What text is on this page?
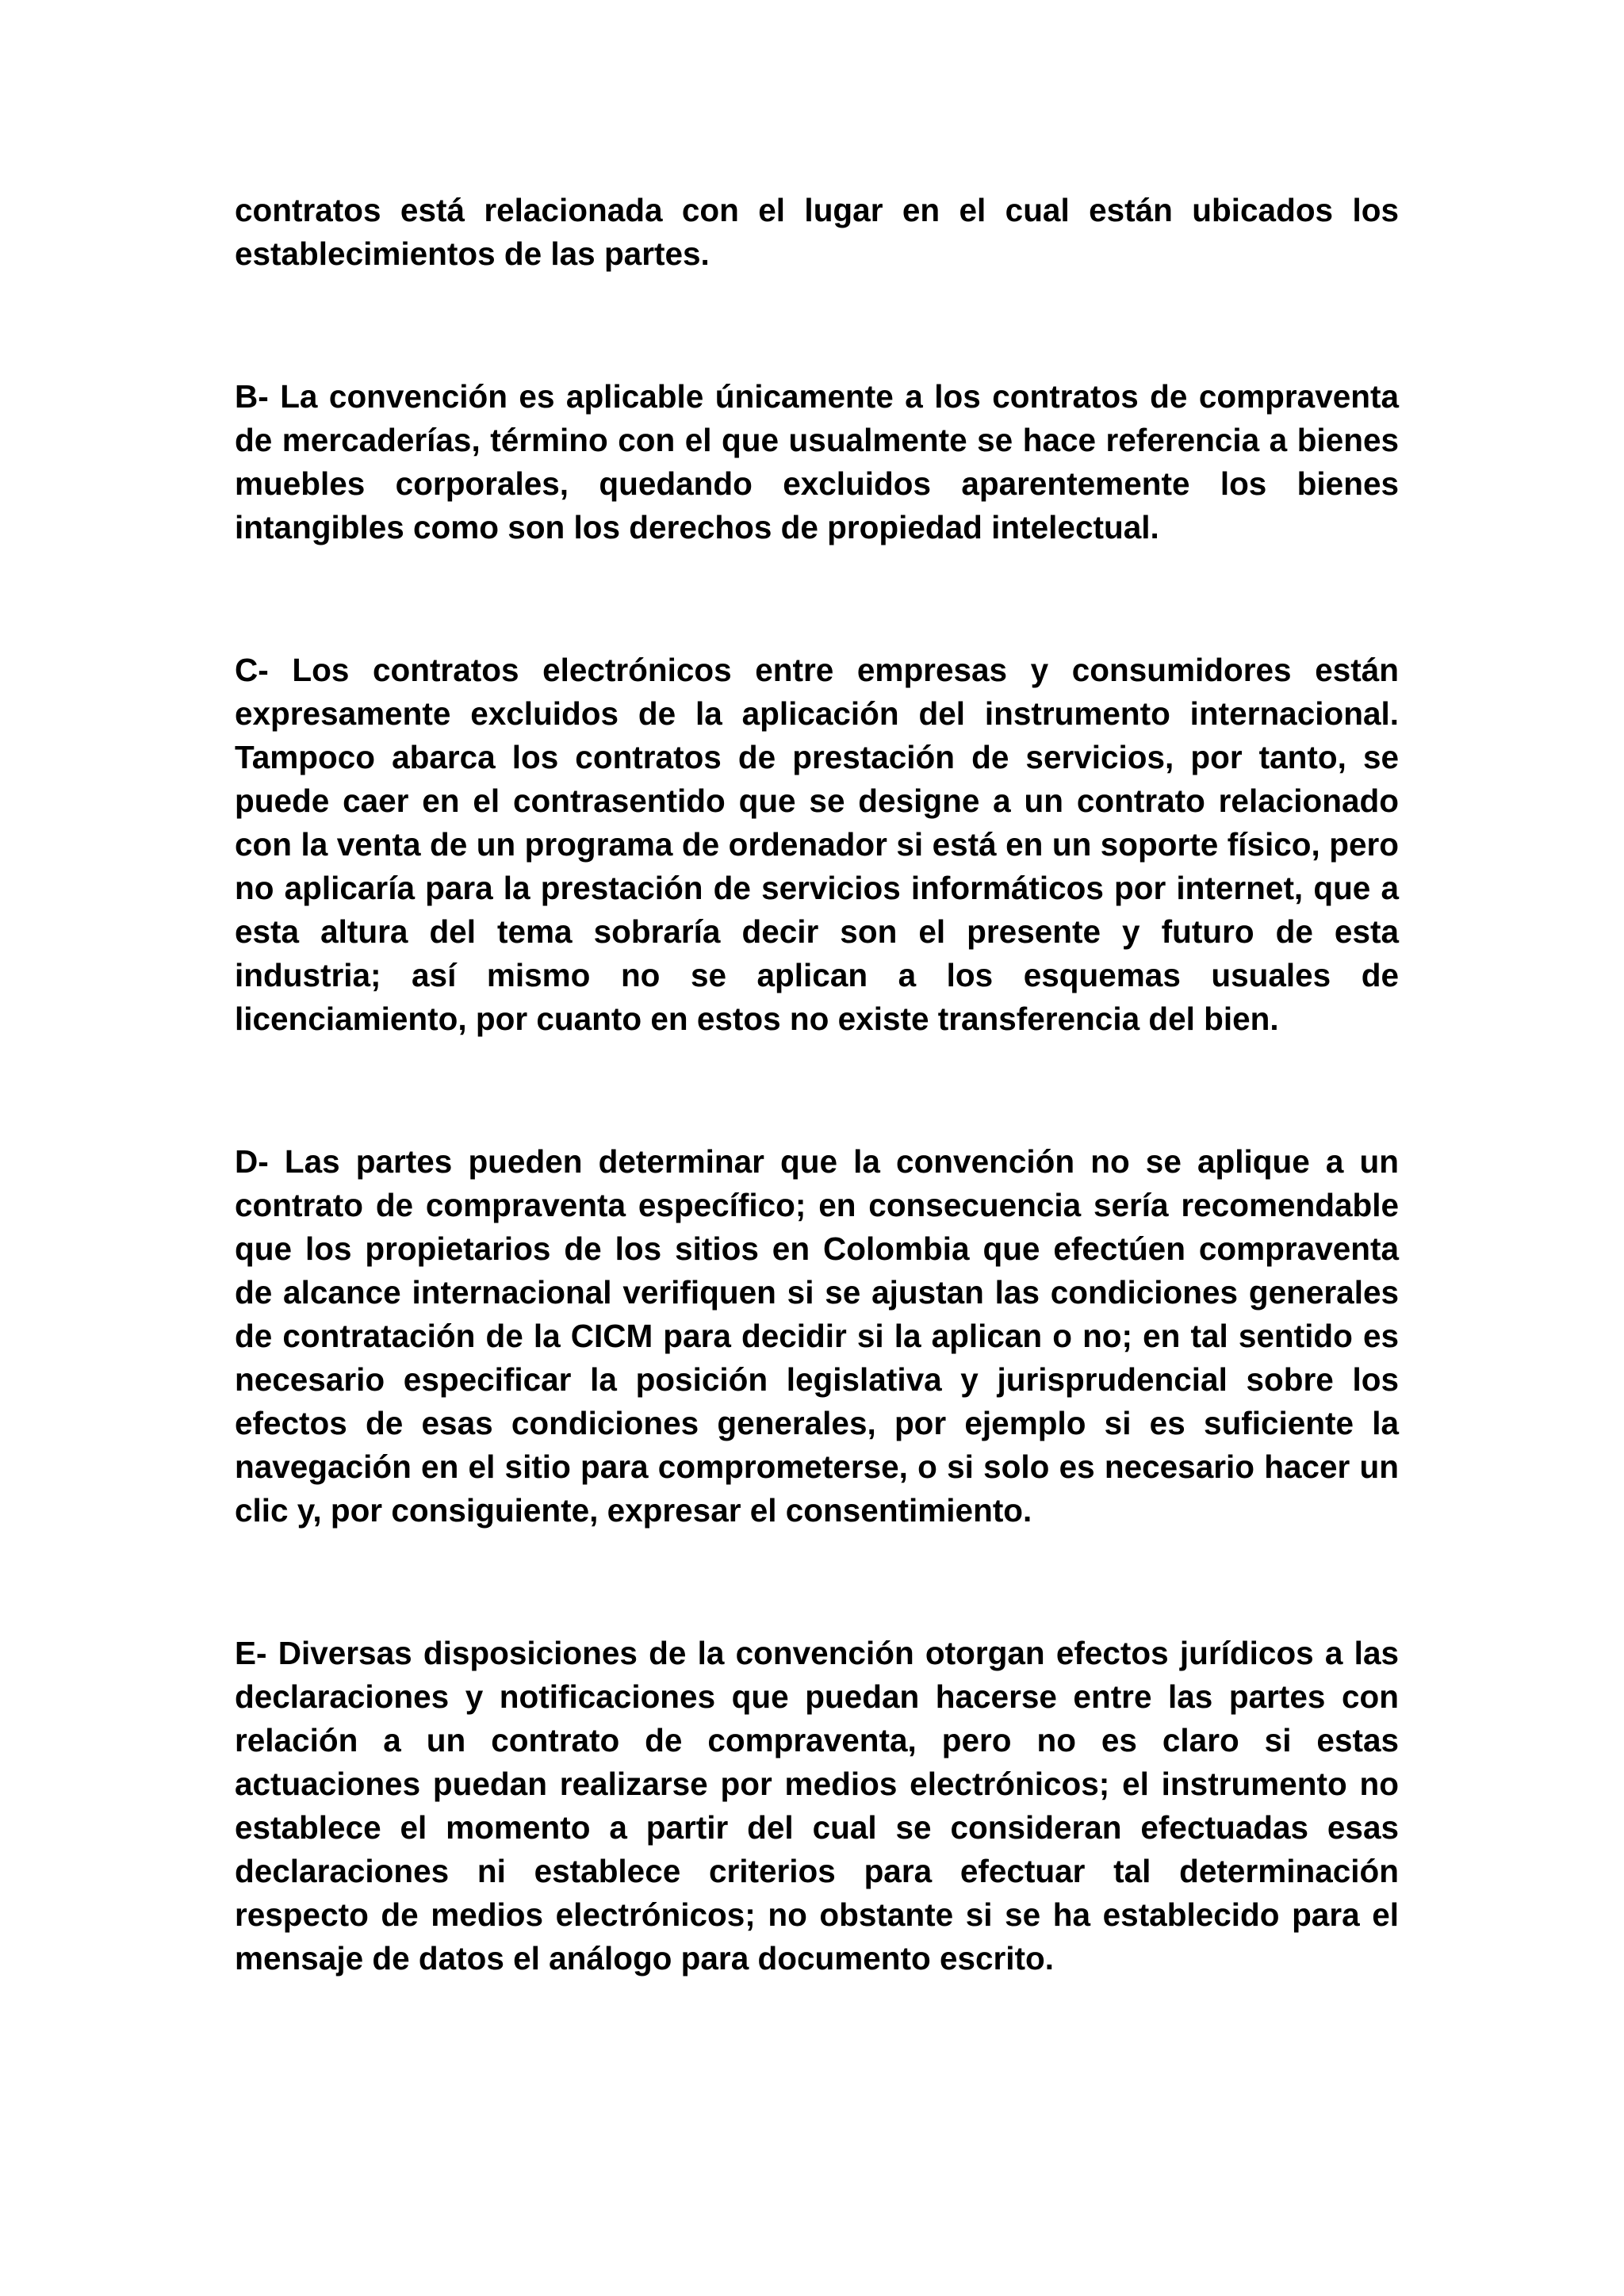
contratos está relacionada con el lugar en el cual están ubicados los establecimientos de las partes.

B- La convención es aplicable únicamente a los contratos de compraventa de mercaderías, término con el que usualmente se hace referencia a bienes muebles corporales, quedando excluidos aparentemente los bienes intangibles como son los derechos de propiedad intelectual.

C- Los contratos electrónicos entre empresas y consumidores están expresamente excluidos de la aplicación del instrumento internacional. Tampoco abarca los contratos de prestación de servicios, por tanto, se puede caer en el contrasentido que se designe a un contrato relacionado con la venta de un programa de ordenador si está en un soporte físico, pero no aplicaría para la prestación de servicios informáticos por internet, que a esta altura del tema sobraría decir son el presente y futuro de esta industria; así mismo no se aplican a los esquemas usuales de licenciamiento, por cuanto en estos no existe transferencia del bien.

D- Las partes pueden determinar que la convención no se aplique a un contrato de compraventa específico; en consecuencia sería recomendable que los propietarios de los sitios en Colombia que efectúen compraventa de alcance internacional verifiquen si se ajustan las condiciones generales de contratación de la CICM para decidir si la aplican o no; en tal sentido es necesario especificar la posición legislativa y jurisprudencial sobre los efectos de esas condiciones generales, por ejemplo si es suficiente la navegación en el sitio para comprometerse, o si solo es necesario hacer un clic y, por consiguiente, expresar el consentimiento.

E- Diversas disposiciones de la convención otorgan efectos jurídicos a las declaraciones y notificaciones que puedan hacerse entre las partes con relación a un contrato de compraventa, pero no es claro si estas actuaciones puedan realizarse por medios electrónicos; el instrumento no establece el momento a partir del cual se consideran efectuadas esas declaraciones ni establece criterios para efectuar tal determinación respecto de medios electrónicos; no obstante si se ha establecido para el mensaje de datos el análogo para documento escrito.
